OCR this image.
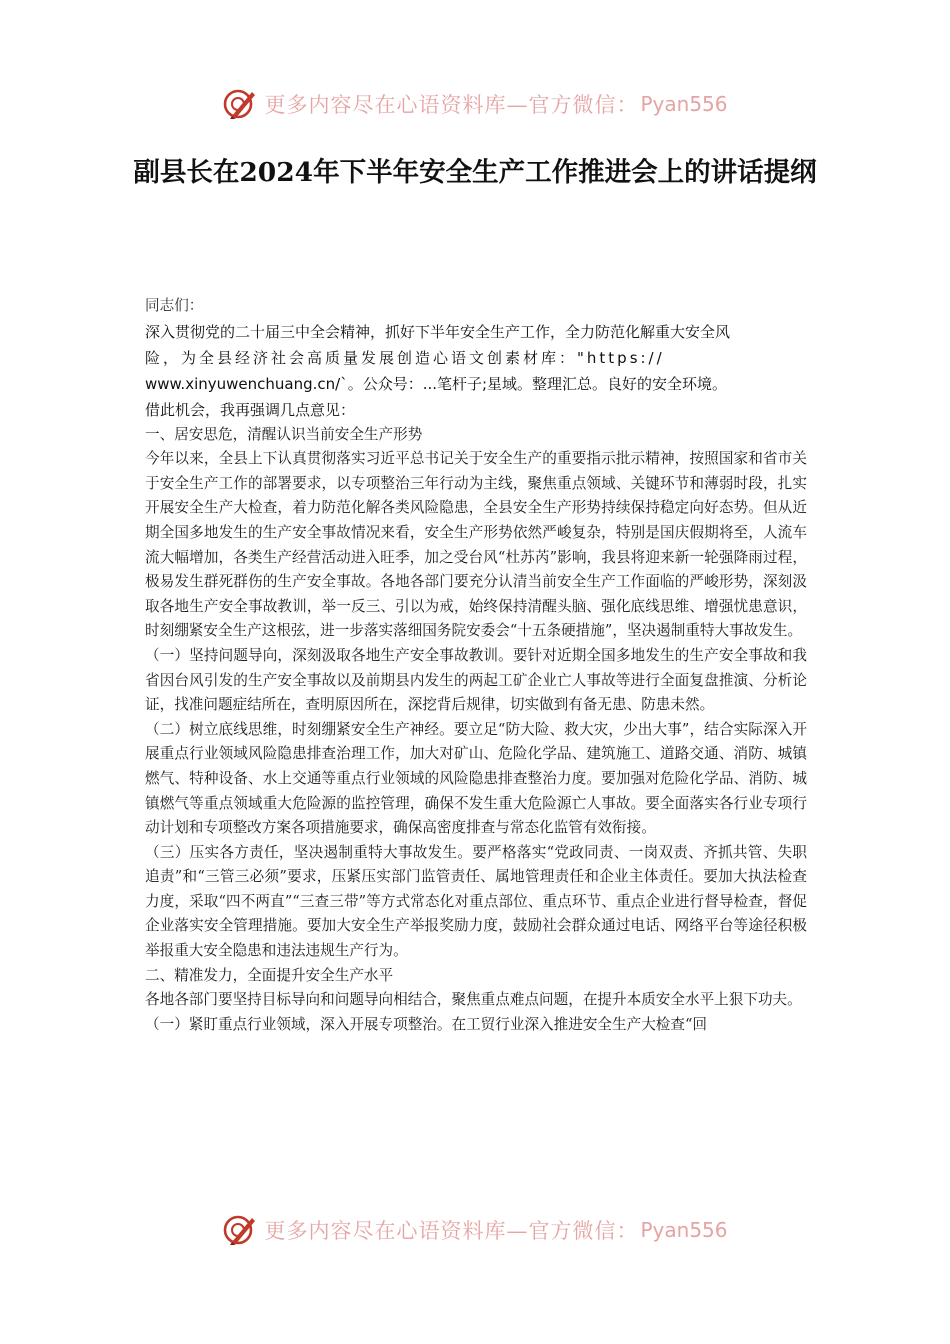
更多内容尽在心语资料库—官方微信： Pyan556
副县长在2024年下半年安全生产工作推进会上的讲话提纲

同志们：

深入贯彻党的二十届三中全会精神，抓好下半年安全生产工作，全力防范化解重大安全风

险，为全县经济社会高质量发展创造心语文创素材库："https://

www.xinyuwenchuang.cn/`。公众号：...笔杆子;星域。整理汇总。良好的安全环境。

借此机会，我再强调几点意见：

一、居安思危，清醒认识当前安全生产形势

今年以来，全县上下认真贯彻落实习近平总书记关于安全生产的重要指示批示精神，按照国家和省市关于安全生产工作的部署要求，以专项整治三年行动为主线，聚焦重点领域、关键环节和薄弱时段，扎实开展安全生产大检查，着力防范化解各类风险隐患，全县安全生产形势持续保持稳定向好态势。但从近期全国多地发生的生产安全事故情况来看，安全生产形势依然严峻复杂，特别是国庆假期将至，人流车流大幅增加，各类生产经营活动进入旺季，加之受台风“杜苏芮”影响，我县将迎来新一轮强降雨过程，极易发生群死群伤的生产安全事故。各地各部门要充分认清当前安全生产工作面临的严峻形势，深刻汲取各地生产安全事故教训，举一反三、引以为戒，始终保持清醒头脑、强化底线思维、增强忧患意识，时刻绷紧安全生产这根弦，进一步落实落细国务院安委会“十五条硬措施”，坚决遏制重特大事故发生。

（一）坚持问题导向，深刻汲取各地生产安全事故教训。要针对近期全国多地发生的生产安全事故和我省因台风引发的生产安全事故以及前期县内发生的两起工矿企业亡人事故等进行全面复盘推演、分析论证，找准问题症结所在，查明原因所在，深挖背后规律，切实做到有备无患、防患未然。

（二）树立底线思维，时刻绷紧安全生产神经。要立足“防大险、救大灾，少出大事”，结合实际深入开展重点行业领域风险隐患排查治理工作，加大对矿山、危险化学品、建筑施工、道路交通、消防、城镇燃气、特种设备、水上交通等重点行业领域的风险隐患排查整治力度。要加强对危险化学品、消防、城镇燃气等重点领域重大危险源的监控管理，确保不发生重大危险源亡人事故。要全面落实各行业专项行动计划和专项整改方案各项措施要求，确保高密度排查与常态化监管有效衔接。

（三）压实各方责任，坚决遏制重特大事故发生。要严格落实“党政同责、一岗双责、齐抓共管、失职追责”和“三管三必须”要求，压紧压实部门监管责任、属地管理责任和企业主体责任。要加大执法检查力度，采取“四不两直”“三查三带”等方式常态化对重点部位、重点环节、重点企业进行督导检查，督促企业落实安全管理措施。要加大安全生产举报奖励力度，鼓励社会群众通过电话、网络平台等途径积极举报重大安全隐患和违法违规生产行为。

二、精准发力，全面提升安全生产水平

各地各部门要坚持目标导向和问题导向相结合，聚焦重点难点问题，在提升本质安全水平上狠下功夫。

（一）紧盯重点行业领域，深入开展专项整治。在工贸行业深入推进安全生产大检查“回

更多内容尽在心语资料库—官方微信： Pyan556
